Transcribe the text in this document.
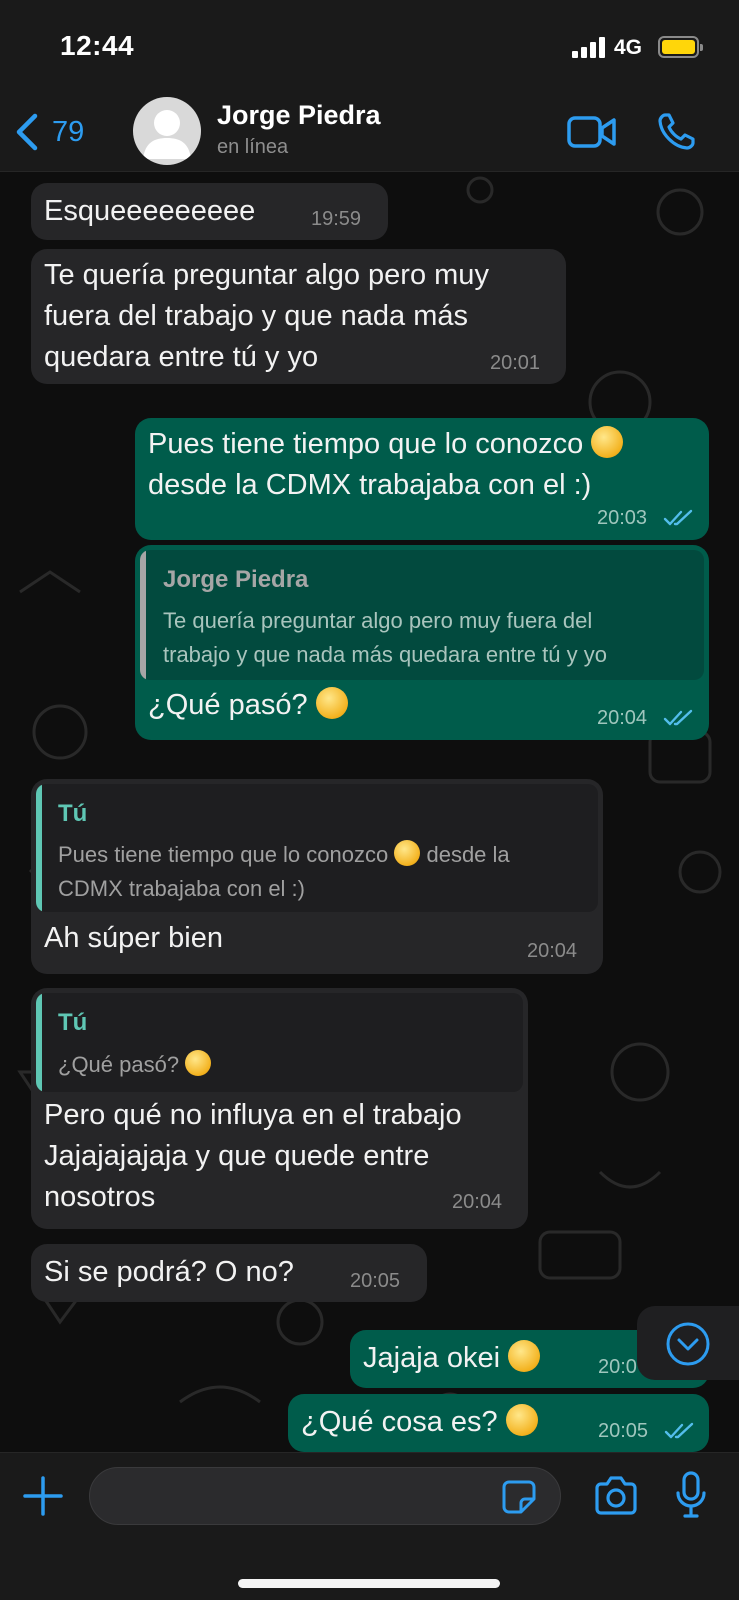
12:44	4G
79
Jorge Piedra
en línea
Esqueeeeeeeee	19:59
Te quería preguntar algo pero muy
fuera del trabajo y que nada más
quedara entre tú y yo	20:01
Pues tiene tiempo que lo conozco
desde la CDMX trabajaba con el :)
20:03
Jorge Piedra
Te quería preguntar algo pero muy fuera del
trabajo y que nada más quedara entre tú y yo
¿Qué pasó?	20:04
Tú
Pues tiene tiempo que lo conozco desde la
CDMX trabajaba con el :)
Ah súper bien	20:04
Tú
¿Qué pasó?
Pero qué no influya en el trabajo
Jajajajajaja y que quede entre
nosotros	20:04
Si se podrá? O no?	20:05
Jajaja okei	20:0
¿Qué cosa es?	20:05
